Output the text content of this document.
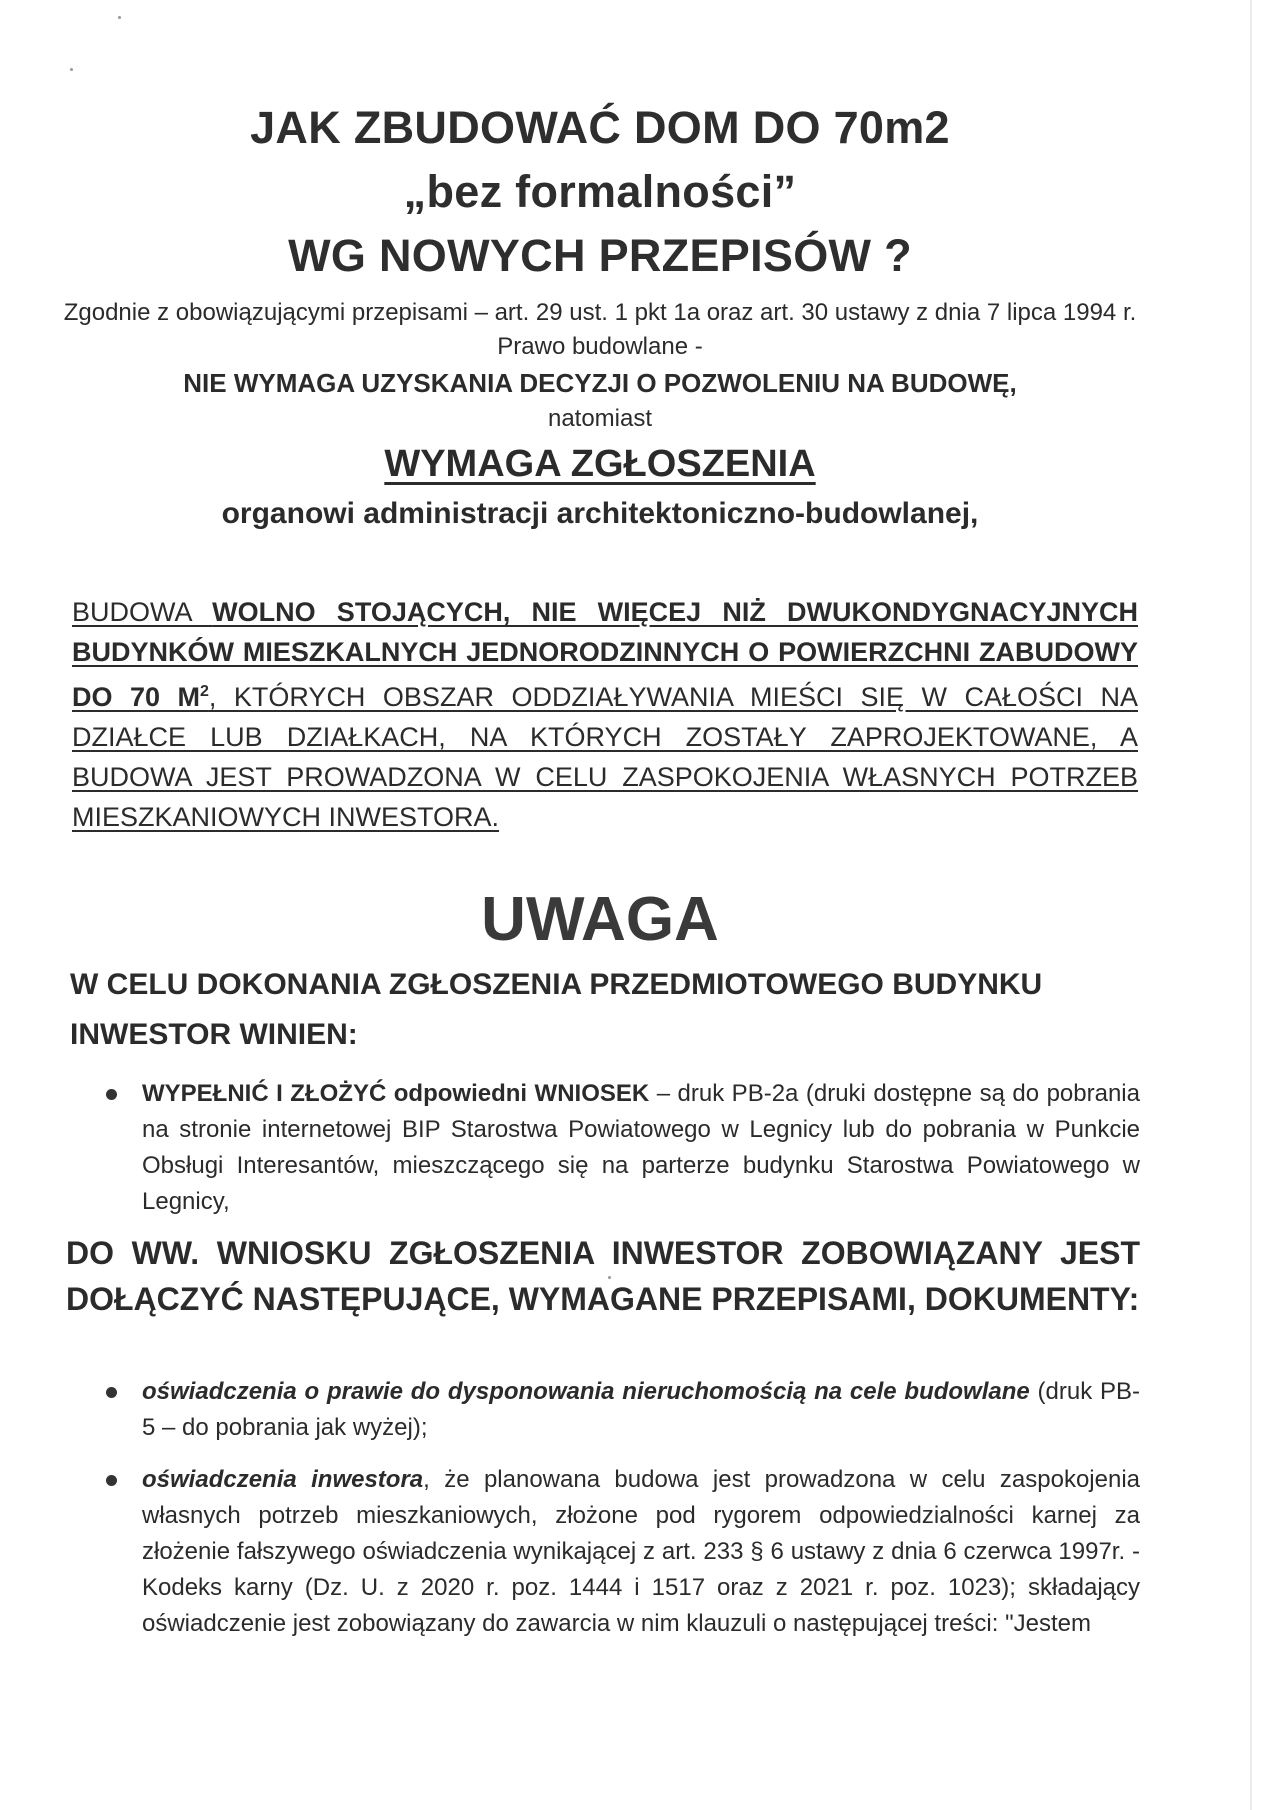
JAK ZBUDOWAĆ DOM DO 70m2
„bez formalności”
WG NOWYCH PRZEPISÓW ?
Zgodnie z obowiązującymi przepisami – art. 29 ust. 1 pkt 1a oraz art. 30 ustawy z dnia 7 lipca 1994 r. Prawo budowlane -
NIE WYMAGA UZYSKANIA DECYZJI O POZWOLENIU NA BUDOWĘ,
natomiast
WYMAGA ZGŁOSZENIA
organowi administracji architektoniczno-budowlanej,
BUDOWA WOLNO STOJĄCYCH, NIE WIĘCEJ NIŻ DWUKONDYGNACYJNYCH BUDYNKÓW MIESZKALNYCH JEDNORODZINNYCH O POWIERZCHNI ZABUDOWY DO 70 $M^2$, KTÓRYCH OBSZAR ODDZIAŁYWANIA MIEŚCI SIĘ W CAŁOŚCI NA DZIAŁCE LUB DZIAŁKACH, NA KTÓRYCH ZOSTAŁY ZAPROJEKTOWANE, A BUDOWA JEST PROWADZONA W CELU ZASPOKOJENIA WŁASNYCH POTRZEB MIESZKANIOWYCH INWESTORA.
UWAGA
W CELU DOKONANIA ZGŁOSZENIA PRZEDMIOTOWEGO BUDYNKU INWESTOR WINIEN:
WYPEŁNIĆ I ZŁOŻYĆ odpowiedni WNIOSEK – druk PB-2a (druki dostępne są do pobrania na stronie internetowej BIP Starostwa Powiatowego w Legnicy lub do pobrania w Punkcie Obsługi Interesantów, mieszczącego się na parterze budynku Starostwa Powiatowego w Legnicy,
DO WW. WNIOSKU ZGŁOSZENIA INWESTOR ZOBOWIĄZANY JEST DOŁĄCZYĆ NASTĘPUJĄCE, WYMAGANE PRZEPISAMI, DOKUMENTY:
oświadczenia o prawie do dysponowania nieruchomością na cele budowlane (druk PB-5 – do pobrania jak wyżej);
oświadczenia inwestora, że planowana budowa jest prowadzona w celu zaspokojenia własnych potrzeb mieszkaniowych, złożone pod rygorem odpowiedzialności karnej za złożenie fałszywego oświadczenia wynikającej z art. 233 § 6 ustawy z dnia 6 czerwca 1997r. - Kodeks karny (Dz. U. z 2020 r. poz. 1444 i 1517 oraz z 2021 r. poz. 1023); składający oświadczenie jest zobowiązany do zawarcia w nim klauzuli o następującej treści: "Jestem
